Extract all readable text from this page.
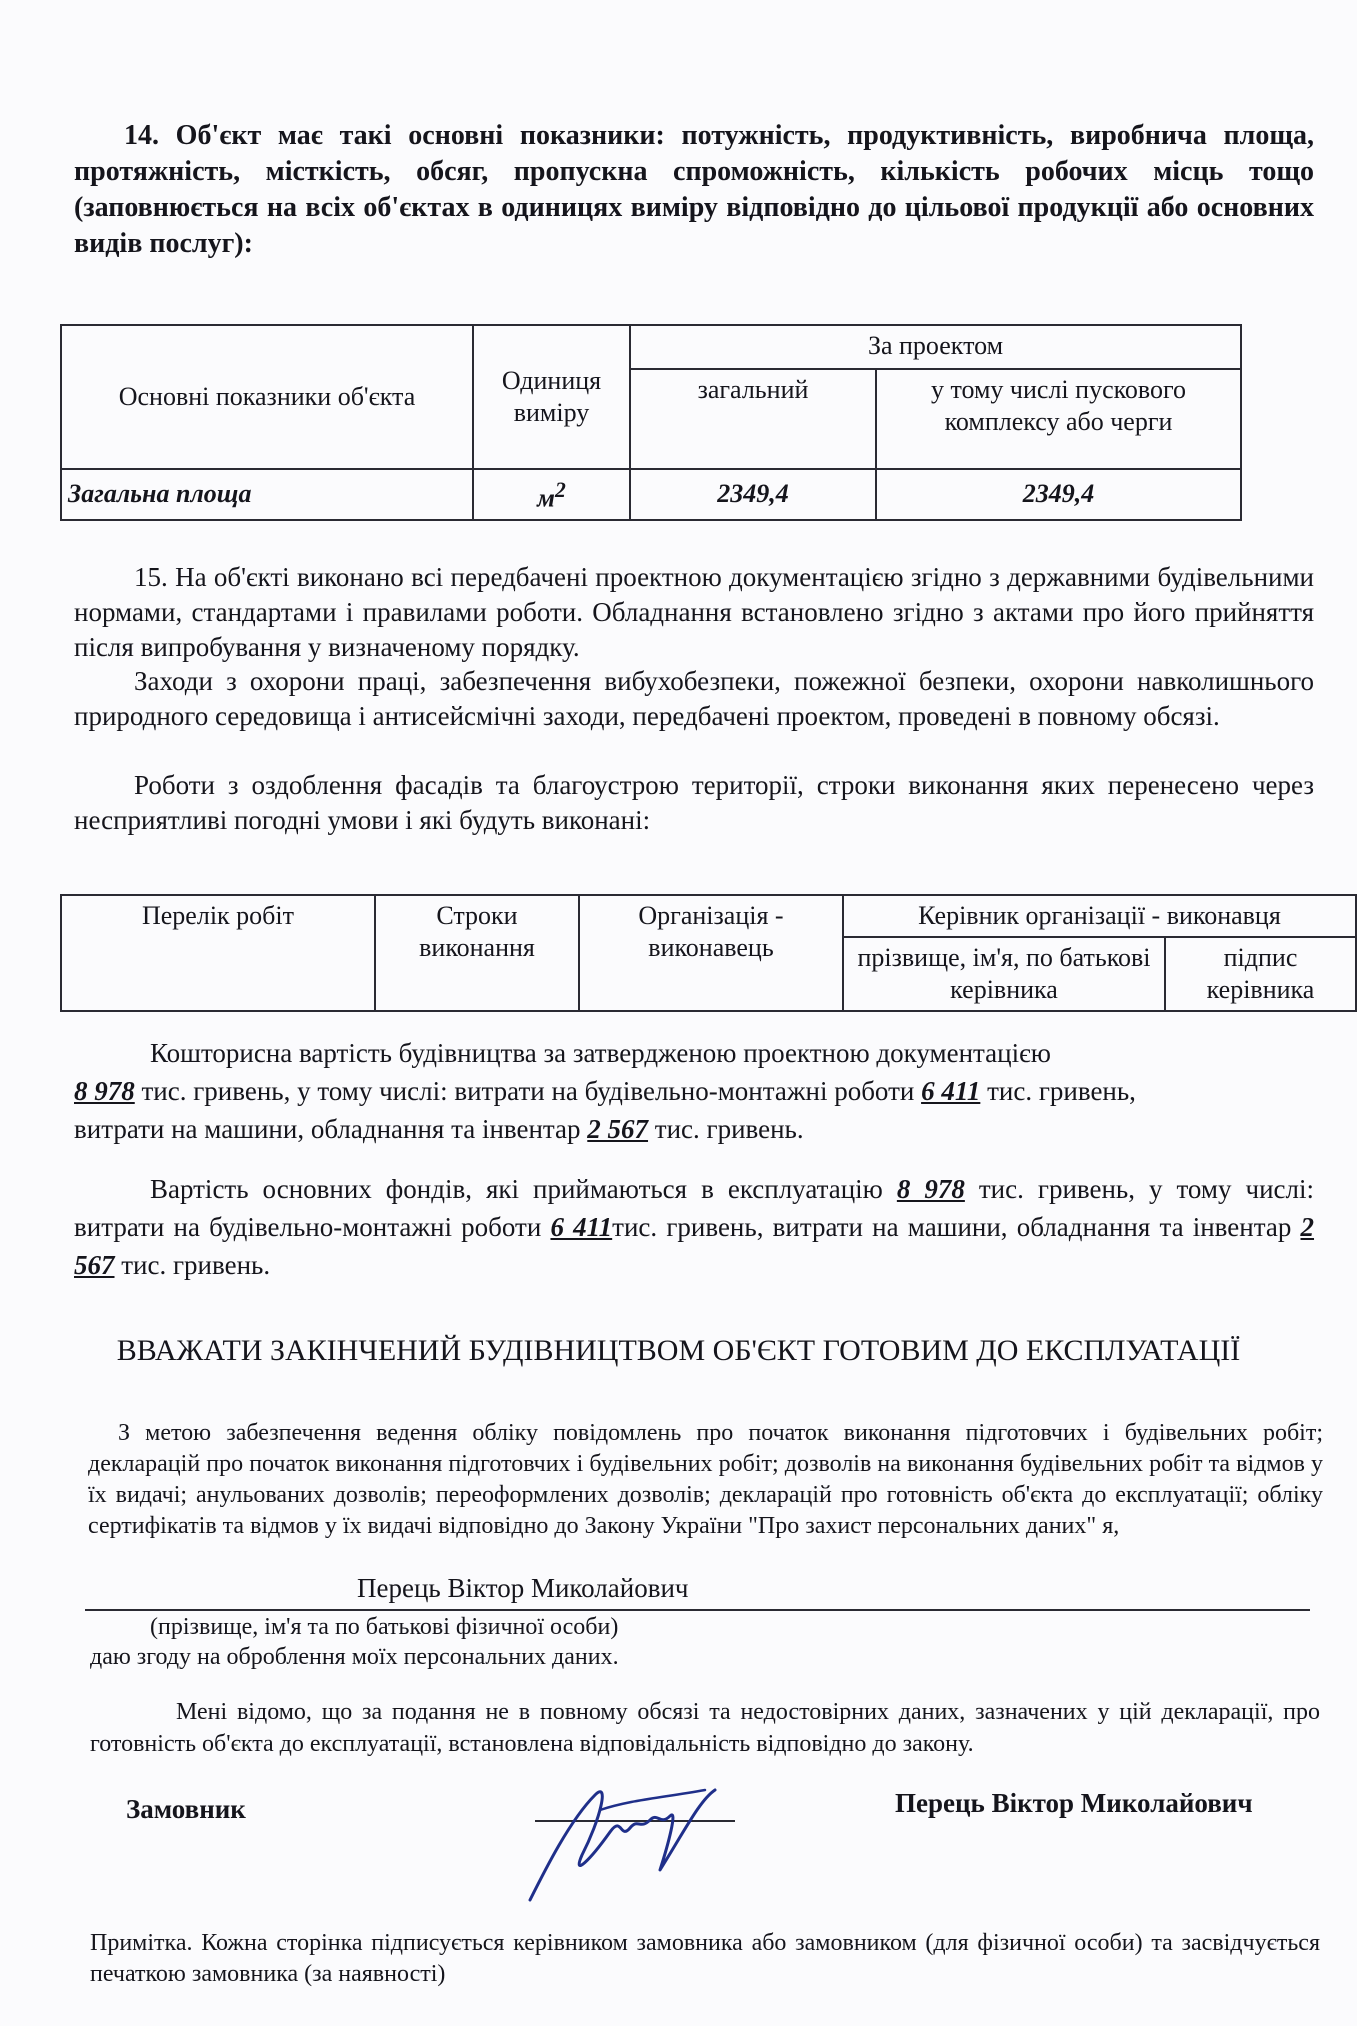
14. Об'єкт має такі основні показники: потужність, продуктивність, виробнича площа, протяжність, місткість, обсяг, пропускна спроможність, кількість робочих місць тощо (заповнюється на всіх об'єктах в одиницях виміру відповідно до цільової продукції або основних видів послуг):
Основні показники об'єкта	Одиниця виміру	За проектом	
		загальний	у тому числі пускового комплексу або черги
Загальна площа	$м^2$	2349,4	2349,4
15. На об'єкті виконано всі передбачені проектною документацією згідно з державними будівельними нормами, стандартами і правилами роботи. Обладнання встановлено згідно з актами про його прийняття після випробування у визначеному порядку.
Заходи з охорони праці, забезпечення вибухобезпеки, пожежної безпеки, охорони навколишнього природного середовища і антисейсмічні заходи, передбачені проектом, проведені в повному обсязі.
Роботи з оздоблення фасадів та благоустрою території, строки виконання яких перенесено через несприятливі погодні умови і які будуть виконані:
Перелік робіт	Строки виконання	Організація - виконавець	Керівник організації - виконавця	
			прізвище, ім'я, по батькові керівника	підпис керівника
Кошторисна вартість будівництва за затвердженою проектною документацією
8 978 тис. гривень, у тому числі: витрати на будівельно-монтажні роботи 6 411 тис. гривень,
витрати на машини, обладнання та інвентар 2 567 тис. гривень.
Вартість основних фондів, які приймаються в експлуатацію 8 978 тис. гривень, у тому числі: витрати на будівельно-монтажні роботи 6 411тис. гривень, витрати на машини, обладнання та інвентар 2 567 тис. гривень.
ВВАЖАТИ ЗАКІНЧЕНИЙ БУДІВНИЦТВОМ ОБ'ЄКТ ГОТОВИМ ДО ЕКСПЛУАТАЦІЇ
З метою забезпечення ведення обліку повідомлень про початок виконання підготовчих і будівельних робіт; декларацій про початок виконання підготовчих і будівельних робіт; дозволів на виконання будівельних робіт та відмов у їх видачі; анульованих дозволів; переоформлених дозволів; декларацій про готовність об'єкта до експлуатації; обліку сертифікатів та відмов у їх видачі відповідно до Закону України "Про захист персональних даних" я,
Перець Віктор Миколайович
(прізвище, ім'я та по батькові фізичної особи)
даю згоду на оброблення моїх персональних даних.
Мені відомо, що за подання не в повному обсязі та недостовірних даних, зазначених у цій декларації, про готовність об'єкта до експлуатації, встановлена відповідальність відповідно до закону.
Замовник	Перець Віктор Миколайович
Примітка. Кожна сторінка підписується керівником замовника або замовником (для фізичної особи) та засвідчується печаткою замовника (за наявності)
